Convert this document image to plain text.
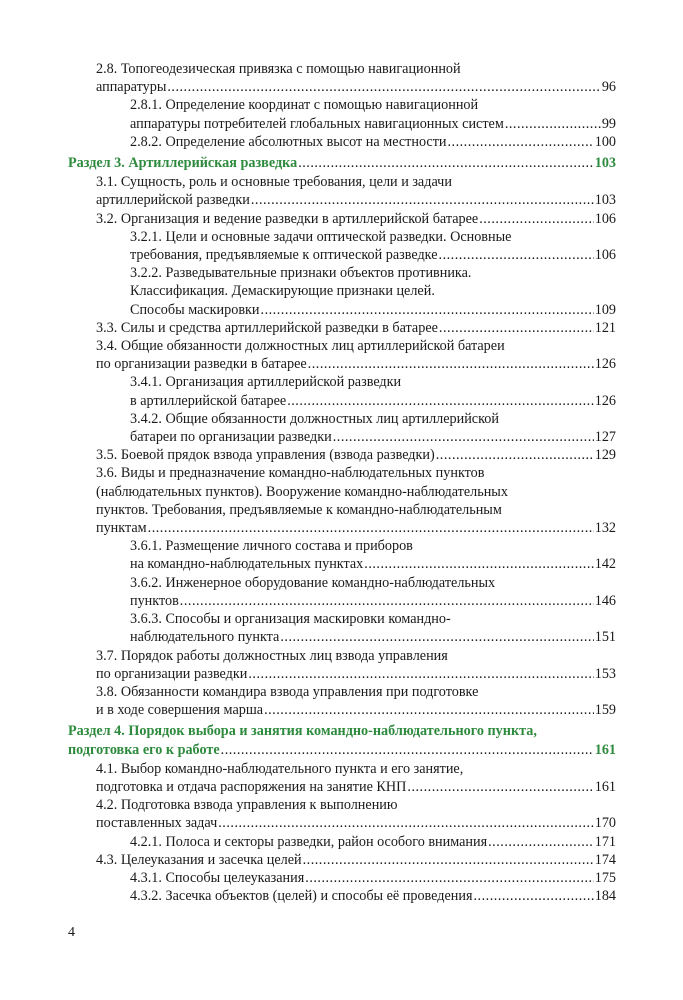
2.8. Топогеодезическая привязка с помощью навигационной
аппаратуры .....	96
2.8.1. Определение координат с помощью навигационной
аппаратуры потребителей глобальных навигационных систем .....	99
2.8.2. Определение абсолютных высот на местности .....	100
Раздел 3. Артиллерийская разведка .....	103
3.1. Сущность, роль и основные требования, цели и задачи
артиллерийской разведки .....	103
3.2. Организация и ведение разведки в артиллерийской батарее .....	106
3.2.1. Цели и основные задачи оптической разведки. Основные
требования, предъявляемые к оптической разведке .....	106
3.2.2. Разведывательные признаки объектов противника.
Классификация. Демаскирующие признаки целей.
Способы маскировки .....	109
3.3. Силы и средства артиллерийской разведки в батарее .....	121
3.4. Общие обязанности должностных лиц артиллерийской батареи
по организации разведки в батарее .....	126
3.4.1. Организация артиллерийской разведки
в артиллерийской батарее .....	126
3.4.2. Общие обязанности должностных лиц артиллерийской
батареи по организации разведки .....	127
3.5. Боевой прядок взвода управления (взвода разведки) .....	129
3.6. Виды и предназначение командно-наблюдательных пунктов
(наблюдательных пунктов). Вооружение командно-наблюдательных
пунктов. Требования, предъявляемые к командно-наблюдательным
пунктам .....	132
3.6.1. Размещение личного состава и приборов
на командно-наблюдательных пунктах .....	142
3.6.2. Инженерное оборудование командно-наблюдательных
пунктов .....	146
3.6.3. Способы и организация маскировки командно-
наблюдательного пункта .....	151
3.7. Порядок работы должностных лиц взвода управления
по организации разведки .....	153
3.8. Обязанности командира взвода управления при подготовке
и в ходе совершения марша .....	159
Раздел 4. Порядок выбора и занятия командно-наблюдательного пункта,
подготовка его к работе .....	161
4.1. Выбор командно-наблюдательного пункта и его занятие,
подготовка и отдача распоряжения на занятие КНП .....	161
4.2. Подготовка взвода управления к выполнению
поставленных задач .....	170
4.2.1. Полоса и секторы разведки, район особого внимания .....	171
4.3. Целеуказания и засечка целей .....	174
4.3.1. Способы целеуказания .....	175
4.3.2. Засечка объектов (целей) и способы её проведения .....	184
4
